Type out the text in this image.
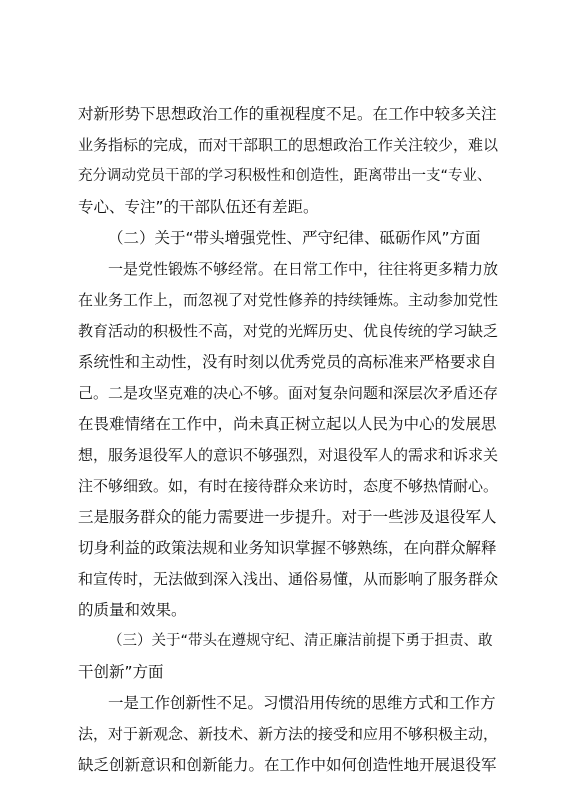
对新形势下思想政治工作的重视程度不足。在工作中较多关注
业务指标的完成，而对干部职工的思想政治工作关注较少，难以
充分调动党员干部的学习积极性和创造性，距离带出一支“专业、
专心、专注”的干部队伍还有差距。
（二）关于“带头增强党性、严守纪律、砥砺作风”方面
一是党性锻炼不够经常。在日常工作中，往往将更多精力放
在业务工作上，而忽视了对党性修养的持续锤炼。主动参加党性
教育活动的积极性不高，对党的光辉历史、优良传统的学习缺乏
系统性和主动性，没有时刻以优秀党员的高标准来严格要求自
己。二是攻坚克难的决心不够。面对复杂问题和深层次矛盾还存
在畏难情绪在工作中，尚未真正树立起以人民为中心的发展思
想，服务退役军人的意识不够强烈，对退役军人的需求和诉求关
注不够细致。如，有时在接待群众来访时，态度不够热情耐心。
三是服务群众的能力需要进一步提升。对于一些涉及退役军人
切身利益的政策法规和业务知识掌握不够熟练，在向群众解释
和宣传时，无法做到深入浅出、通俗易懂，从而影响了服务群众
的质量和效果。
（三）关于“带头在遵规守纪、清正廉洁前提下勇于担责、敢
干创新”方面
一是工作创新性不足。习惯沿用传统的思维方式和工作方
法，对于新观念、新技术、新方法的接受和应用不够积极主动，
缺乏创新意识和创新能力。在工作中如何创造性地开展退役军
